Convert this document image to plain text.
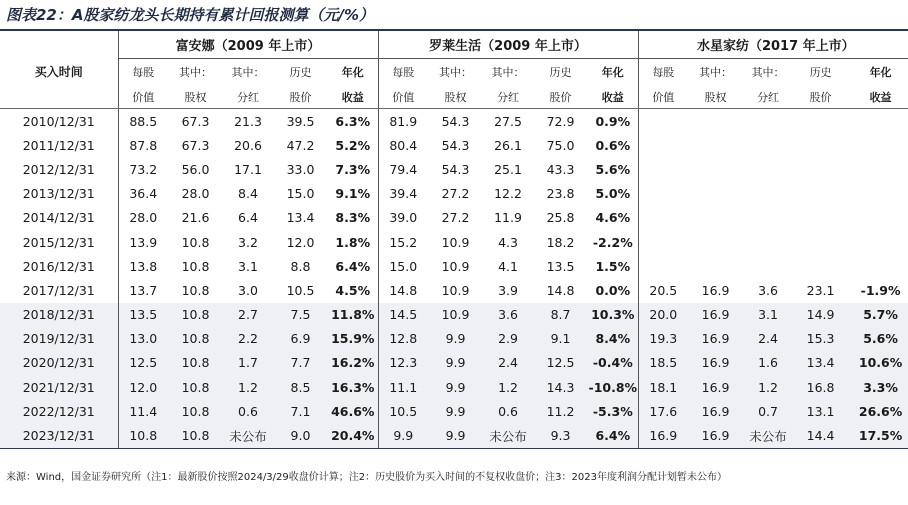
图表22：A股家纺龙头长期持有累计回报测算（元/%）
	富安娜（2009 年上市）					罗莱生活（2009 年上市）					水星家纺（2017 年上市）				
买入时间	每股	其中：	其中：	历史	年化	每股	其中：	其中：	历史	年化	每股	其中：	其中：	历史	年化
	价值	股权	分红	股价	收益	价值	股权	分红	股价	收益	价值	股权	分红	股价	收益
2010/12/31	88.5	67.3	21.3	39.5	6.3%	81.9	54.3	27.5	72.9	0.9%					
2011/12/31	87.8	67.3	20.6	47.2	5.2%	80.4	54.3	26.1	75.0	0.6%					
2012/12/31	73.2	56.0	17.1	33.0	7.3%	79.4	54.3	25.1	43.3	5.6%					
2013/12/31	36.4	28.0	8.4	15.0	9.1%	39.4	27.2	12.2	23.8	5.0%					
2014/12/31	28.0	21.6	6.4	13.4	8.3%	39.0	27.2	11.9	25.8	4.6%					
2015/12/31	13.9	10.8	3.2	12.0	1.8%	15.2	10.9	4.3	18.2	-2.2%					
2016/12/31	13.8	10.8	3.1	8.8	6.4%	15.0	10.9	4.1	13.5	1.5%					
2017/12/31	13.7	10.8	3.0	10.5	4.5%	14.8	10.9	3.9	14.8	0.0%	20.5	16.9	3.6	23.1	-1.9%
2018/12/31	13.5	10.8	2.7	7.5	11.8%	14.5	10.9	3.6	8.7	10.3%	20.0	16.9	3.1	14.9	5.7%
2019/12/31	13.0	10.8	2.2	6.9	15.9%	12.8	9.9	2.9	9.1	8.4%	19.3	16.9	2.4	15.3	5.6%
2020/12/31	12.5	10.8	1.7	7.7	16.2%	12.3	9.9	2.4	12.5	-0.4%	18.5	16.9	1.6	13.4	10.6%
2021/12/31	12.0	10.8	1.2	8.5	16.3%	11.1	9.9	1.2	14.3	-10.8%	18.1	16.9	1.2	16.8	3.3%
2022/12/31	11.4	10.8	0.6	7.1	46.6%	10.5	9.9	0.6	11.2	-5.3%	17.6	16.9	0.7	13.1	26.6%
2023/12/31	10.8	10.8	未公布	9.0	20.4%	9.9	9.9	未公布	9.3	6.4%	16.9	16.9	未公布	14.4	17.5%
来源：Wind，国金证券研究所（注1：最新股价按照2024/3/29收盘价计算；注2：历史股价为买入时间的不复权收盘价；注3：2023年度利润分配计划暂未公布）
